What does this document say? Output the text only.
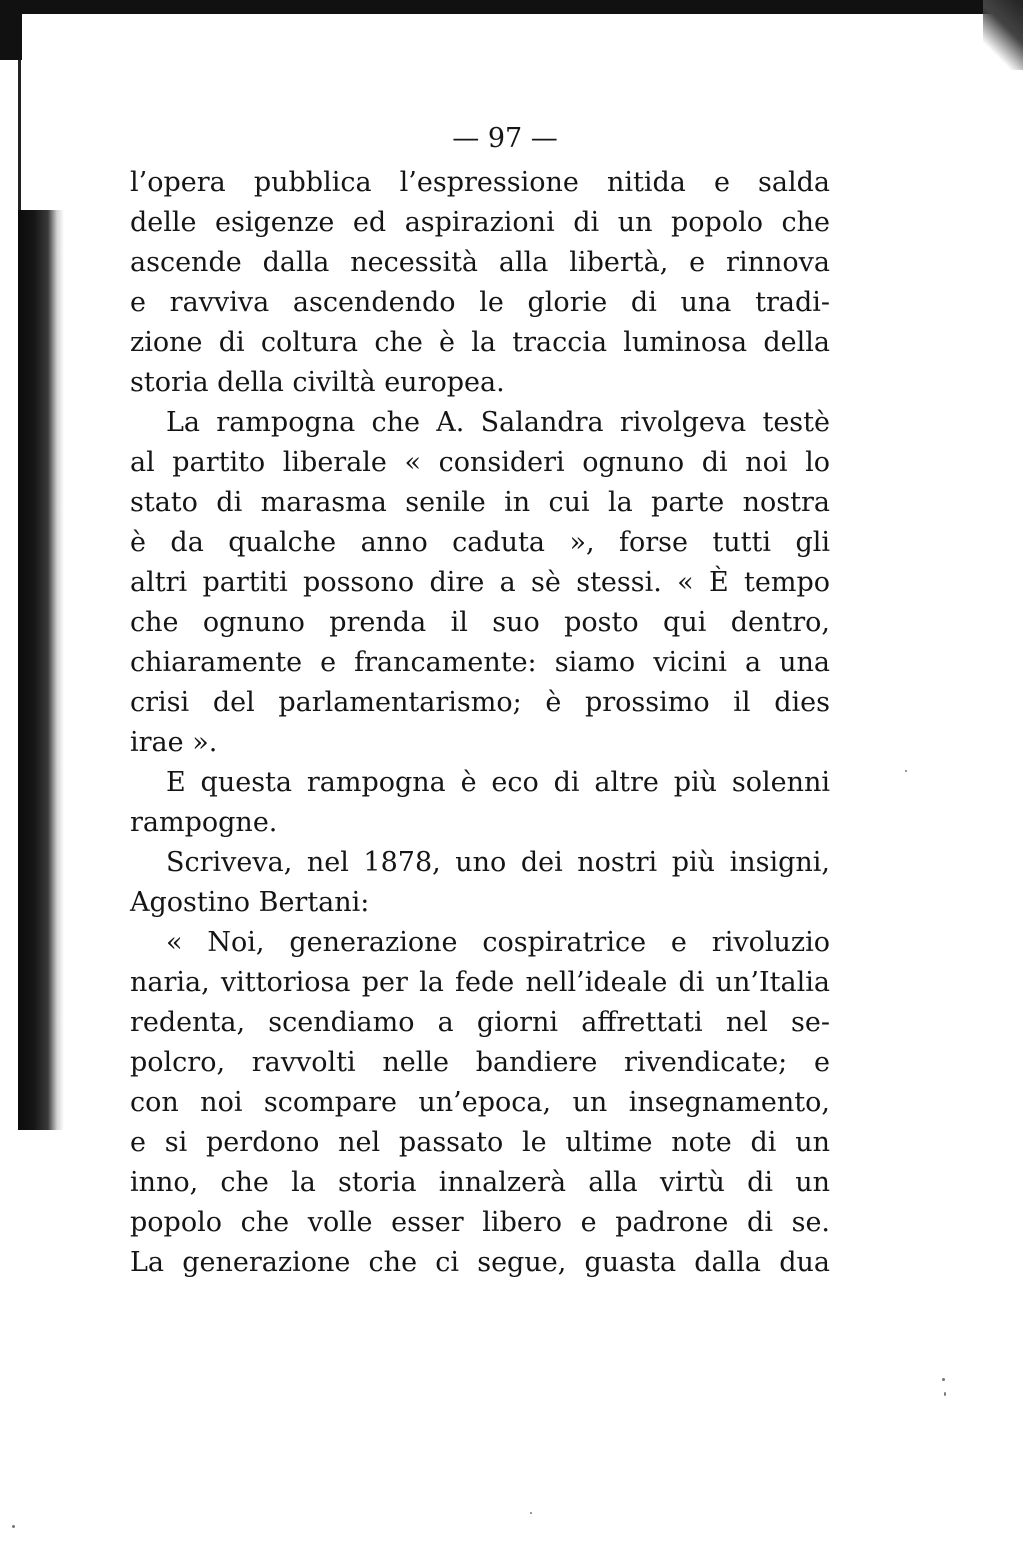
— 97 —
l’opera pubblica l’espressione nitida e salda
delle esigenze ed aspirazioni di un popolo che
ascende dalla necessità alla libertà, e rinnova
e ravviva ascendendo le glorie di una tradi-
zione di coltura che è la traccia luminosa della
storia della civiltà europea.
La rampogna che A. Salandra rivolgeva testè
al partito liberale « consideri ognuno di noi lo
stato di marasma senile in cui la parte nostra
è da qualche anno caduta », forse tutti gli
altri partiti possono dire a sè stessi. « È tempo
che ognuno prenda il suo posto qui dentro,
chiaramente e francamente: siamo vicini a una
crisi del parlamentarismo; è prossimo il dies
irae ».
E questa rampogna è eco di altre più solenni
rampogne.
Scriveva, nel 1878, uno dei nostri più insigni,
Agostino Bertani:
« Noi, generazione cospiratrice e rivoluzio
naria, vittoriosa per la fede nell’ideale di un’Italia
redenta, scendiamo a giorni affrettati nel se-
polcro, ravvolti nelle bandiere rivendicate; e
con noi scompare un’epoca, un insegnamento,
e si perdono nel passato le ultime note di un
inno, che la storia innalzerà alla virtù di un
popolo che volle esser libero e padrone di se.
La generazione che ci segue, guasta dalla dua
